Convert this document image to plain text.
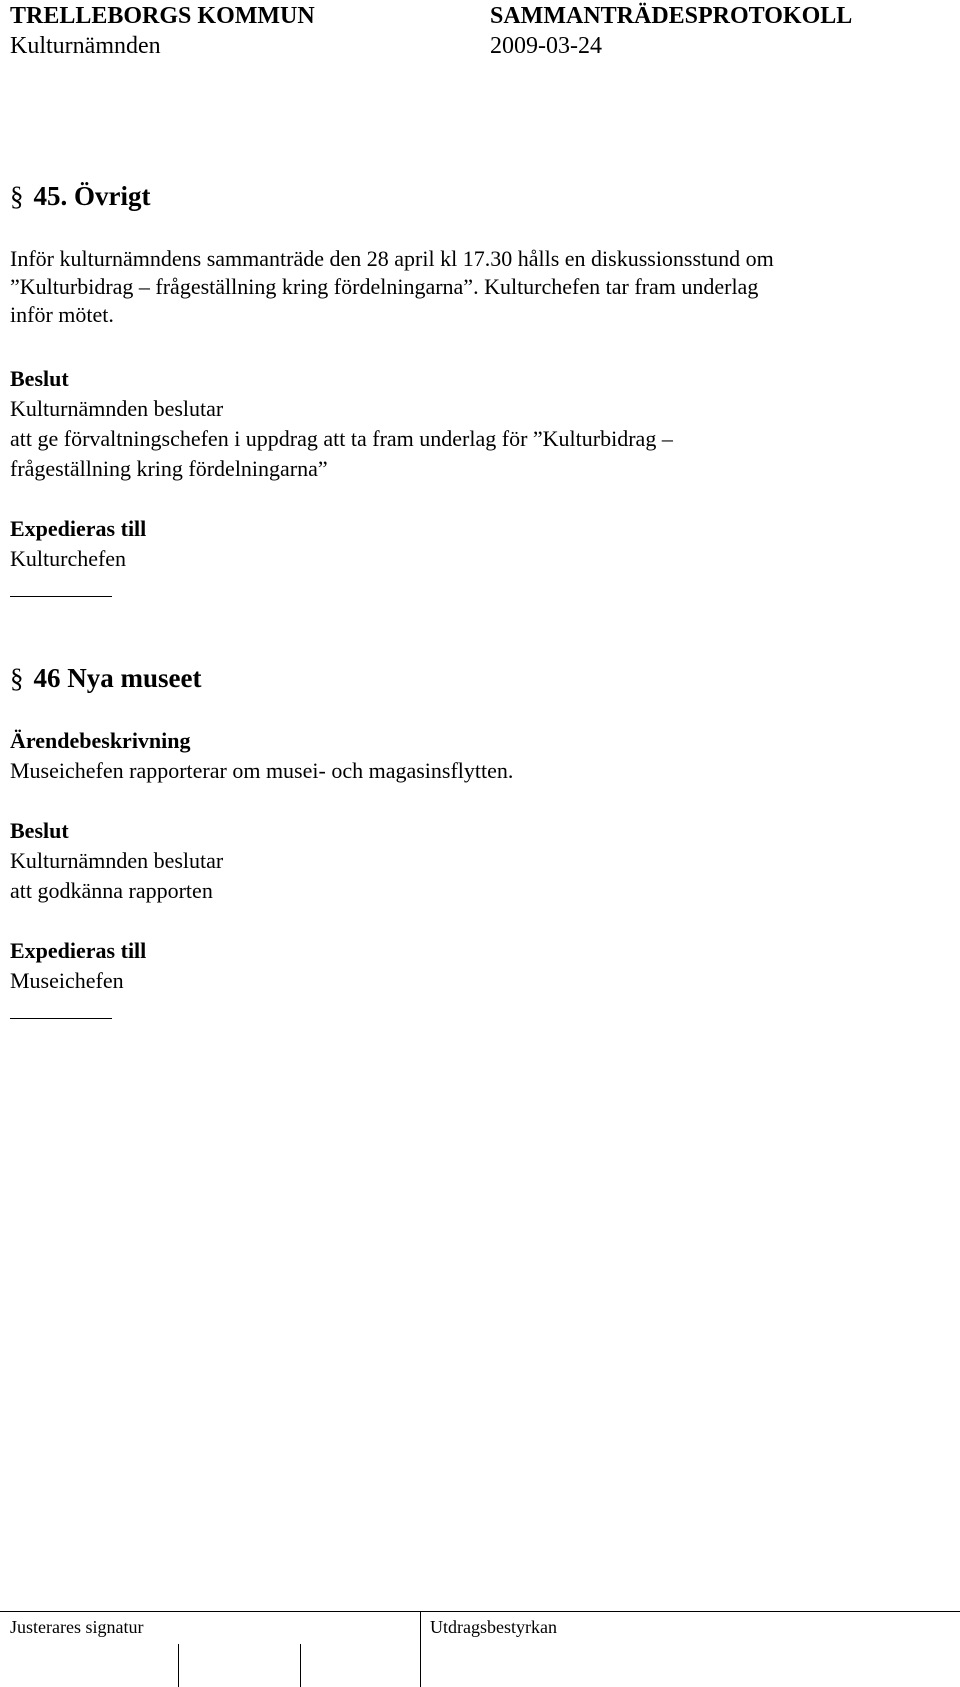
TRELLEBORGS KOMMUN	SAMMANTRÄDESPROTOKOLL
Kulturnämnden	2009-03-24
§ 45. Övrigt
Inför kulturnämndens sammanträde den 28 april kl 17.30 hålls en diskussionsstund om
”Kulturbidrag – frågeställning kring fördelningarna”. Kulturchefen tar fram underlag
inför mötet.
Beslut
Kulturnämnden beslutar
att ge förvaltningschefen i uppdrag att ta fram underlag för ”Kulturbidrag –
frågeställning kring fördelningarna”
Expedieras till
Kulturchefen
§ 46 Nya museet
Ärendebeskrivning
Museichefen rapporterar om musei- och magasinsflytten.
Beslut
Kulturnämnden beslutar
att godkänna rapporten
Expedieras till
Museichefen
Justerares signatur	Utdragsbestyrkan
